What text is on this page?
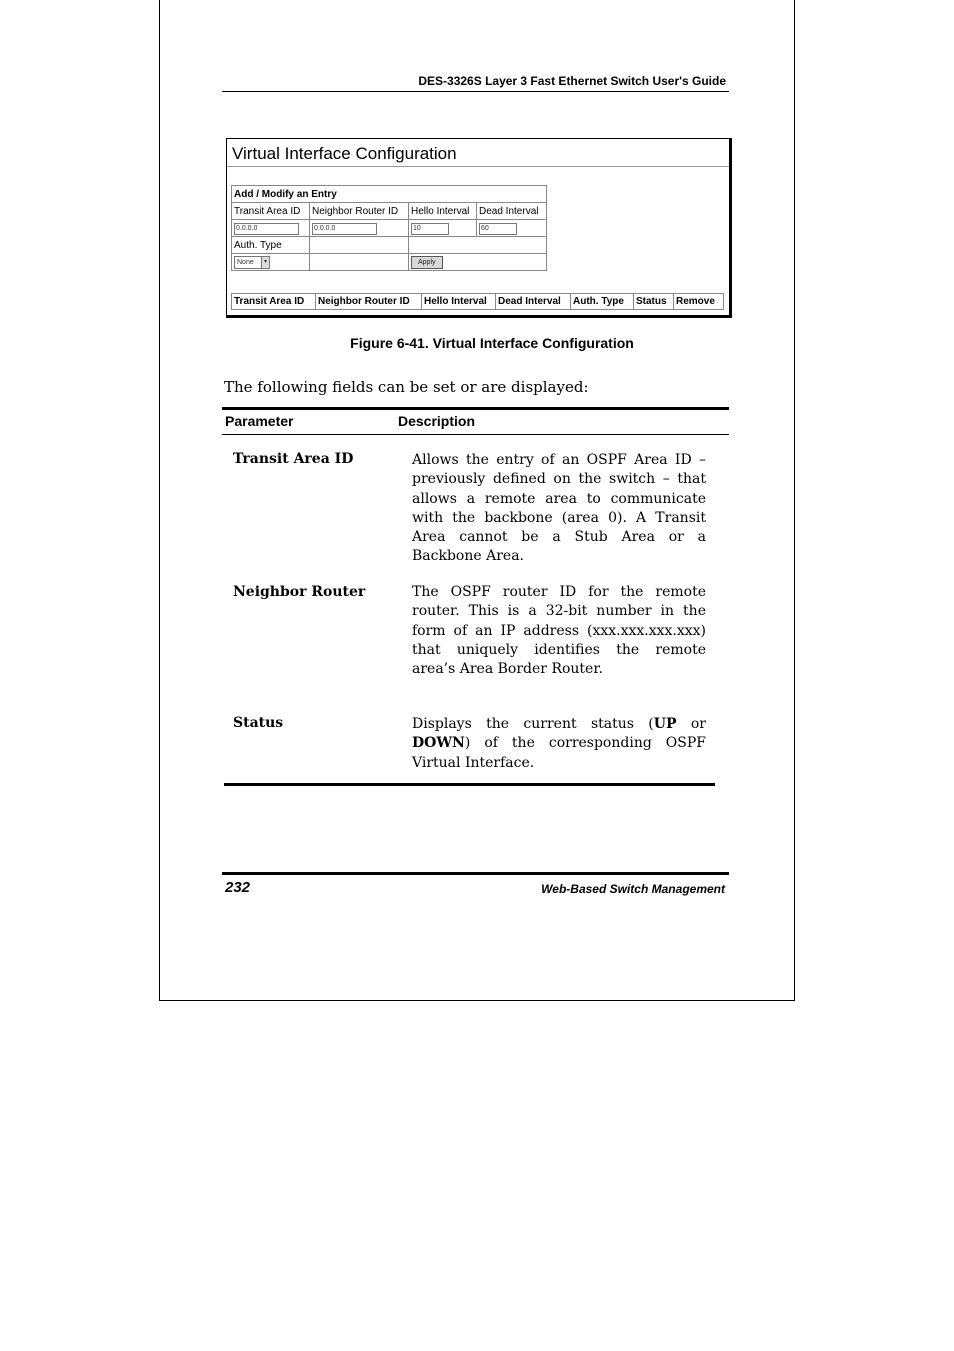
DES-3326S Layer 3 Fast Ethernet Switch User's Guide
Virtual Interface Configuration
Add / Modify an Entry			
Transit Area ID	Neighbor Router ID	Hello Interval	Dead Interval
0.0.0.0	0.0.0.0	10	60
Auth. Type			

None ▾		Apply	
Transit Area ID	Neighbor Router ID	Hello Interval	Dead Interval	Auth. Type	Status	Remove
Figure 6-41. Virtual Interface Configuration
The following fields can be set or are displayed:
Parameter	Description
Transit Area ID	Allows the entry of an OSPF Area ID – previously defined on the switch – that allows a remote area to communicate with the backbone (area 0). A Transit Area cannot be a Stub Area or a Backbone Area.
Neighbor Router	The OSPF router ID for the remote router. This is a 32-bit number in the form of an IP address (xxx.xxx.xxx.xxx) that uniquely identifies the remote area’s Area Border Router.
Status	Displays the current status (UP or DOWN) of the corresponding OSPF Virtual Interface.
232	Web-Based Switch Management
